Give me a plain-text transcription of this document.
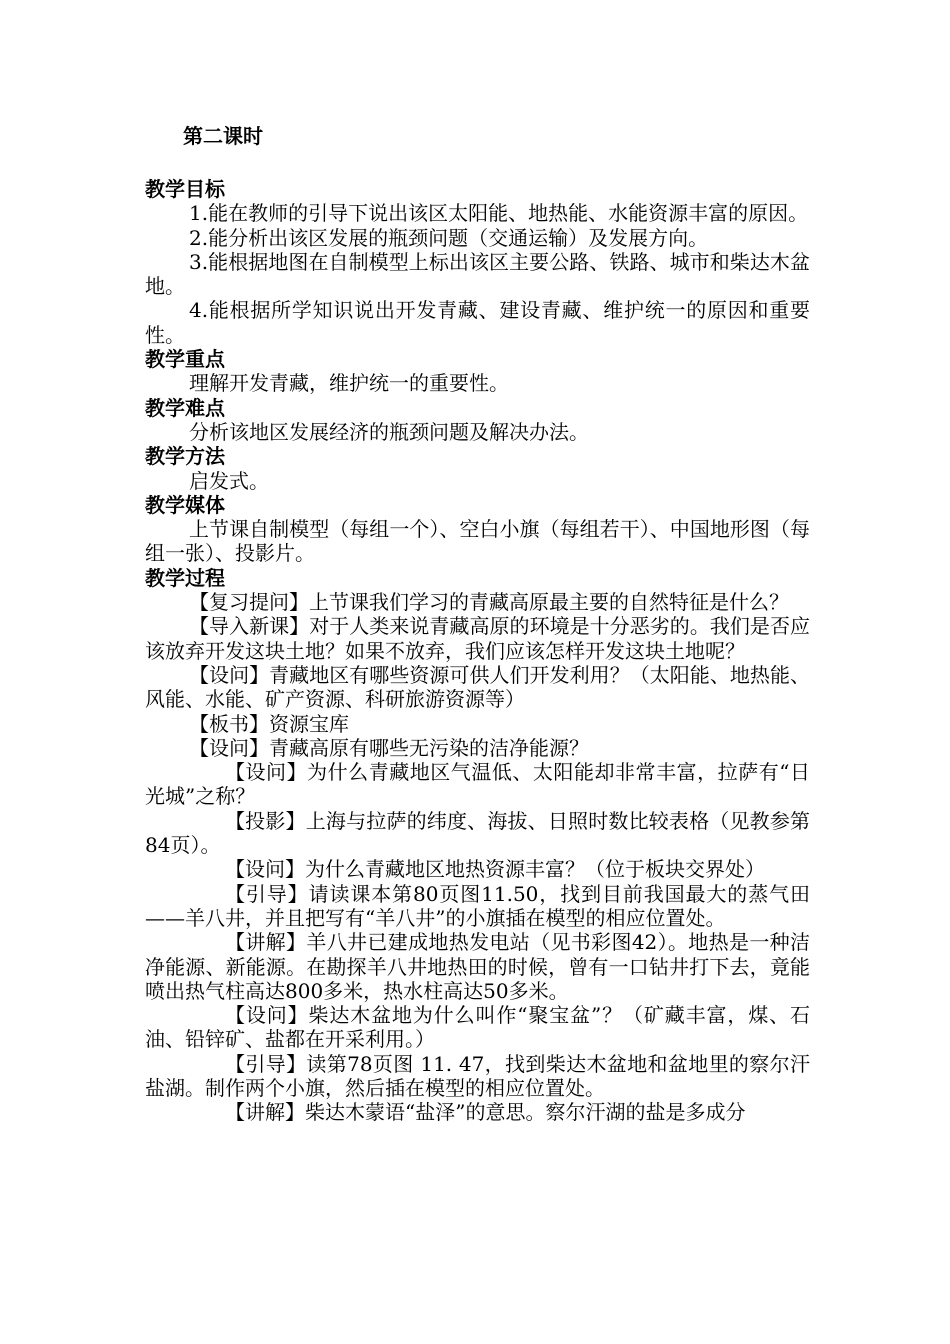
第二课时

教学目标

1.能在教师的引导下说出该区太阳能、地热能、水能资源丰富的原因。

2.能分析出该区发展的瓶颈问题（交通运输）及发展方向。

3.能根据地图在自制模型上标出该区主要公路、铁路、城市和柴达木盆地。

4.能根据所学知识说出开发青藏、建设青藏、维护统一的原因和重要性。

教学重点

理解开发青藏，维护统一的重要性。

教学难点

分析该地区发展经济的瓶颈问题及解决办法。

教学方法

启发式。

教学媒体

上节课自制模型（每组一个）、空白小旗（每组若干）、中国地形图（每组一张）、投影片。

教学过程

【复习提问】上节课我们学习的青藏高原最主要的自然特征是什么？

【导入新课】对于人类来说青藏高原的环境是十分恶劣的。我们是否应该放弃开发这块土地？如果不放弃，我们应该怎样开发这块土地呢？

【设问】青藏地区有哪些资源可供人们开发利用？（太阳能、地热能、风能、水能、矿产资源、科研旅游资源等）

【板书】资源宝库

【设问】青藏高原有哪些无污染的洁净能源？

【设问】为什么青藏地区气温低、太阳能却非常丰富，拉萨有“日光城”之称？

【投影】上海与拉萨的纬度、海拔、日照时数比较表格（见教参第84页）。

【设问】为什么青藏地区地热资源丰富？（位于板块交界处）

【引导】请读课本第80页图11.50，找到目前我国最大的蒸气田——羊八井，并且把写有“羊八井”的小旗插在模型的相应位置处。

【讲解】羊八井已建成地热发电站（见书彩图42）。地热是一种洁净能源、新能源。在勘探羊八井地热田的时候，曾有一口钻井打下去，竟能喷出热气柱高达800多米，热水柱高达50多米。

【设问】柴达木盆地为什么叫作“聚宝盆”？（矿藏丰富，煤、石油、铅锌矿、盐都在开采利用。）

【引导】读第78页图 11. 47，找到柴达木盆地和盆地里的察尔汗盐湖。制作两个小旗，然后插在模型的相应位置处。

【讲解】柴达木蒙语“盐泽”的意思。察尔汗湖的盐是多成分
